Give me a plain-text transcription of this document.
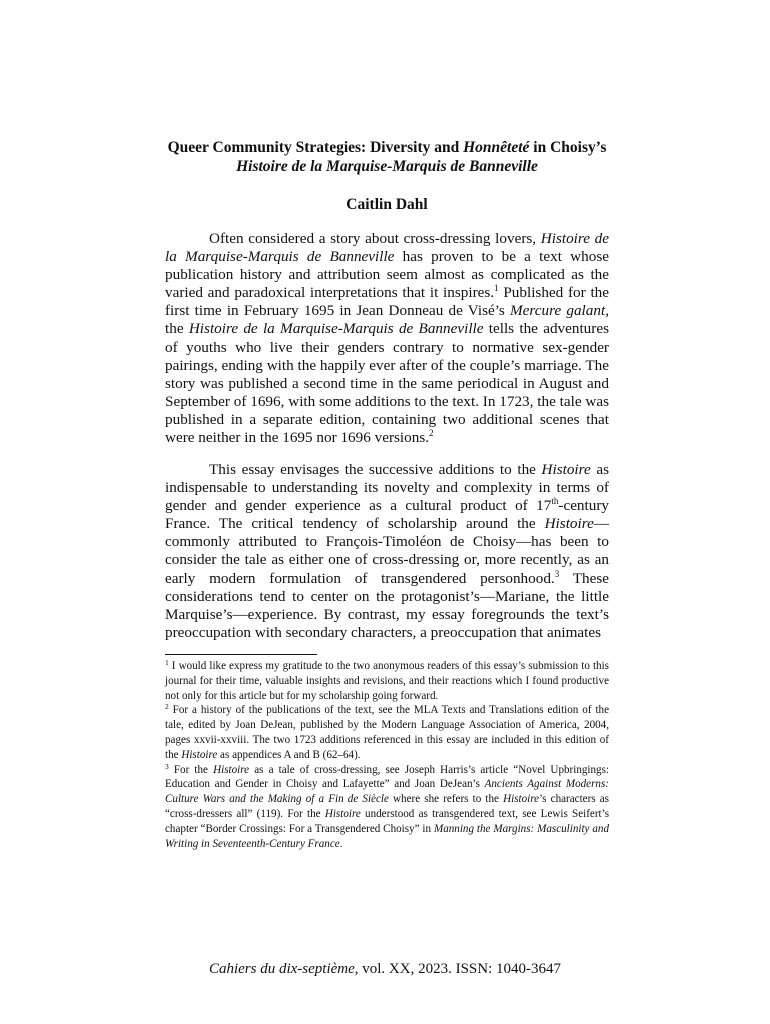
Queer Community Strategies: Diversity and Honnêteté in Choisy’s
Histoire de la Marquise-Marquis de Banneville
Caitlin Dahl

Often considered a story about cross-dressing lovers, Histoire de la Marquise-Marquis de Banneville has proven to be a text whose publication history and attribution seem almost as complicated as the varied and paradoxical interpretations that it inspires.$^1$ Published for the first time in February 1695 in Jean Donneau de Visé’s Mercure galant, the Histoire de la Marquise-Marquis de Banneville tells the adventures of youths who live their genders contrary to normative sex-gender pairings, ending with the happily ever after of the couple’s marriage. The story was published a second time in the same periodical in August and September of 1696, with some additions to the text. In 1723, the tale was published in a separate edition, containing two additional scenes that were neither in the 1695 nor 1696 versions.$^2$

This essay envisages the successive additions to the Histoire as indispensable to understanding its novelty and complexity in terms of gender and gender experience as a cultural product of 17th-century France. The critical tendency of scholarship around the Histoire—commonly attributed to François-Timoléon de Choisy—has been to consider the tale as either one of cross-dressing or, more recently, as an early modern formulation of transgendered personhood.$^3$ These considerations tend to center on the protagonist’s—Mariane, the little Marquise’s—experience. By contrast, my essay foregrounds the text’s preoccupation with secondary characters, a preoccupation that animates

$^1$ I would like express my gratitude to the two anonymous readers of this essay’s submission to this journal for their time, valuable insights and revisions, and their reactions which I found productive not only for this article but for my scholarship going forward.

$^2$ For a history of the publications of the text, see the MLA Texts and Translations edition of the tale, edited by Joan DeJean, published by the Modern Language Association of America, 2004, pages xxvii-xxviii. The two 1723 additions referenced in this essay are included in this edition of the Histoire as appendices A and B (62–64).

$^3$ For the Histoire as a tale of cross-dressing, see Joseph Harris’s article “Novel Upbringings: Education and Gender in Choisy and Lafayette” and Joan DeJean’s Ancients Against Moderns: Culture Wars and the Making of a Fin de Siècle where she refers to the Histoire’s characters as “cross-dressers all” (119). For the Histoire understood as transgendered text, see Lewis Seifert’s chapter “Border Crossings: For a Transgendered Choisy” in Manning the Margins: Masculinity and Writing in Seventeenth-Century France.

Cahiers du dix-septième, vol. XX, 2023. ISSN: 1040-3647
